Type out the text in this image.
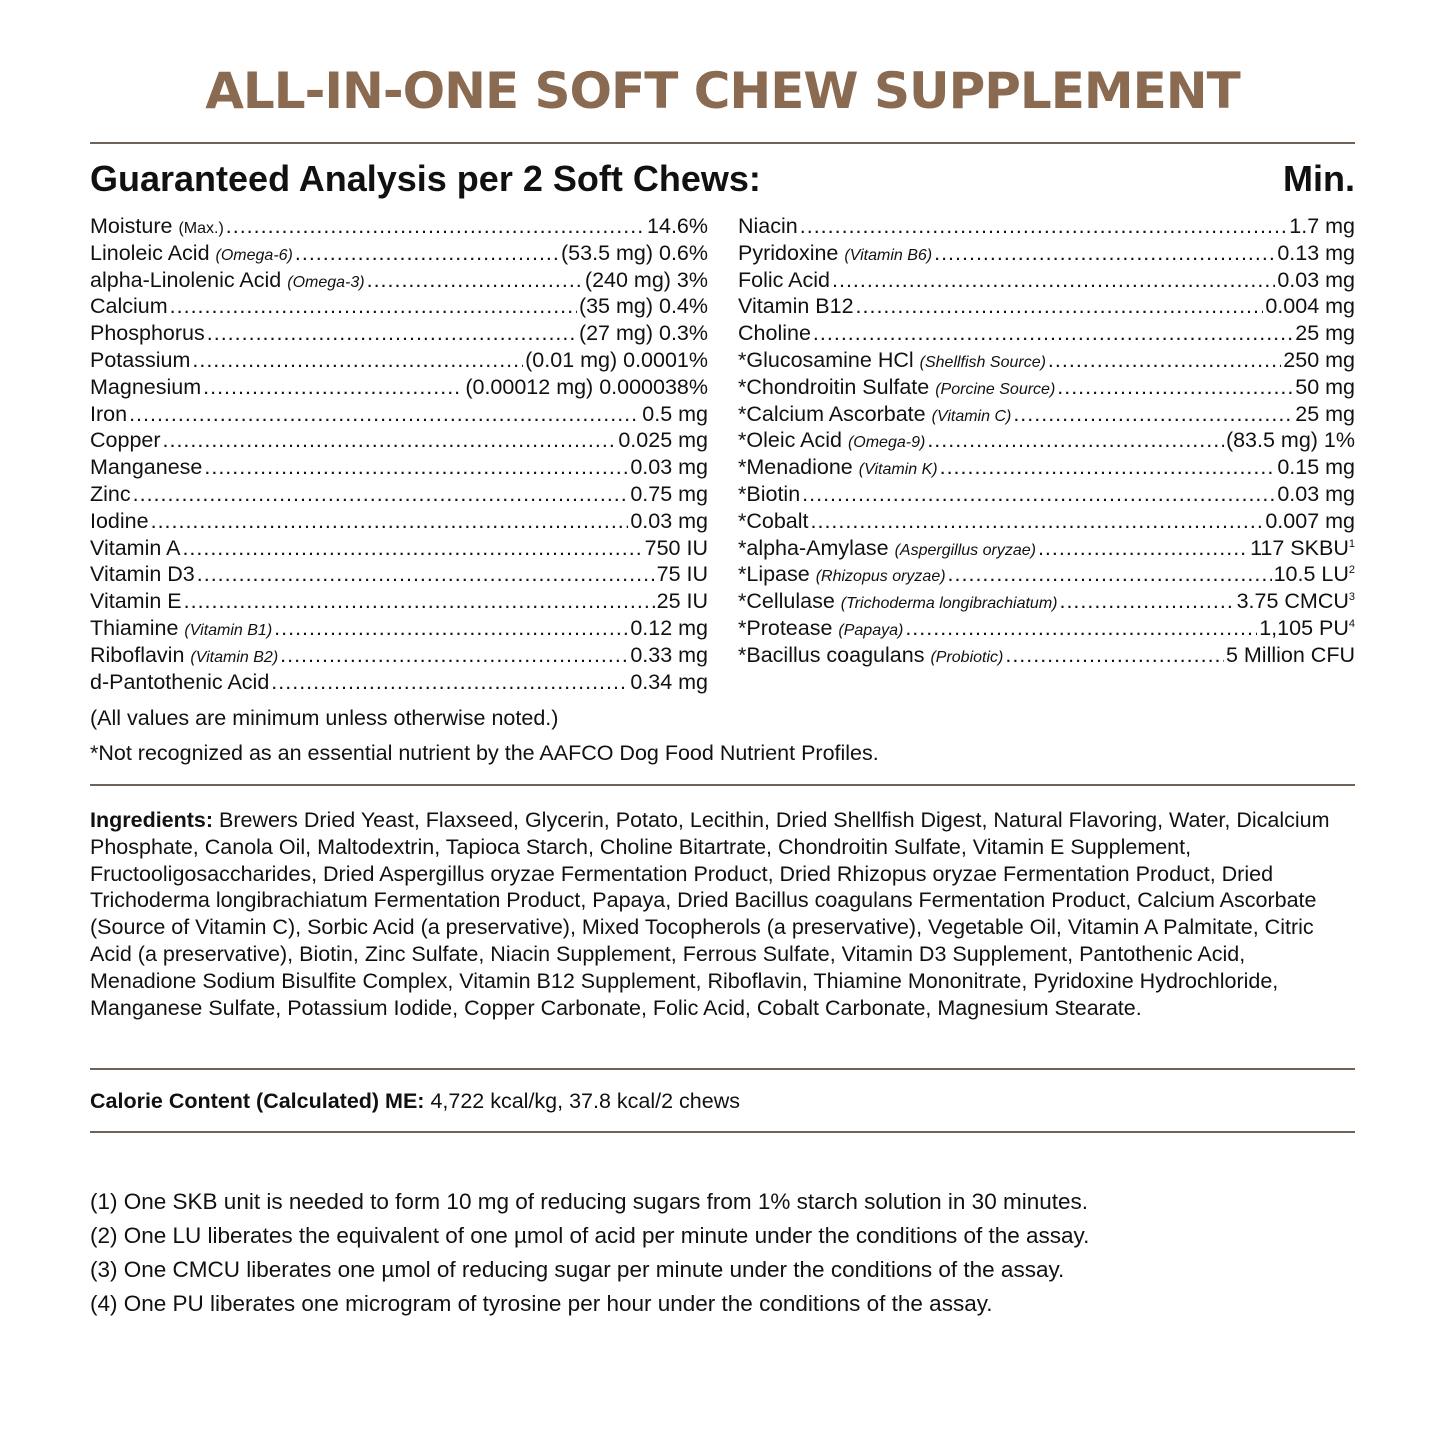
ALL-IN-ONE SOFT CHEW SUPPLEMENT
Guaranteed Analysis per 2 Soft Chews:	Min.
Moisture (Max.) .....	14.6%
Linoleic Acid (Omega-6) .....	(53.5 mg) 0.6%
alpha-Linolenic Acid (Omega-3) .....	(240 mg) 3%
Calcium .....	(35 mg) 0.4%
Phosphorus .....	(27 mg) 0.3%
Potassium .....	(0.01 mg) 0.0001%
Magnesium .....	(0.00012 mg) 0.000038%
Iron .....	0.5 mg
Copper .....	0.025 mg
Manganese .....	0.03 mg
Zinc .....	0.75 mg
Iodine .....	0.03 mg
Vitamin A .....	750 IU
Vitamin D3 .....	75 IU
Vitamin E .....	25 IU
Thiamine (Vitamin B1) .....	0.12 mg
Riboflavin (Vitamin B2) .....	0.33 mg
d-Pantothenic Acid .....	0.34 mg
Niacin .....	1.7 mg
Pyridoxine (Vitamin B6) .....	0.13 mg
Folic Acid .....	0.03 mg
Vitamin B12 .....	0.004 mg
Choline .....	25 mg
*Glucosamine HCl (Shellfish Source) .....	250 mg
*Chondroitin Sulfate (Porcine Source) .....	50 mg
*Calcium Ascorbate (Vitamin C) .....	25 mg
*Oleic Acid (Omega-9) .....	(83.5 mg) 1%
*Menadione (Vitamin K) .....	0.15 mg
*Biotin .....	0.03 mg
*Cobalt .....	0.007 mg
*alpha-Amylase (Aspergillus oryzae) .....	117 SKBU$^1$
*Lipase (Rhizopus oryzae) .....	10.5 $LU^2$
*Cellulase (Trichoderma longibrachiatum) .....	3.75 CMCU$^3$
*Protease (Papaya) .....	1,105 $PU^4$
*Bacillus coagulans (Probiotic) .....	5 Million CFU
(All values are minimum unless otherwise noted.)
*Not recognized as an essential nutrient by the AAFCO Dog Food Nutrient Profiles.
Ingredients: Brewers Dried Yeast, Flaxseed, Glycerin, Potato, Lecithin, Dried Shellfish Digest, Natural Flavoring, Water, Dicalcium Phosphate, Canola Oil, Maltodextrin, Tapioca Starch, Choline Bitartrate, Chondroitin Sulfate, Vitamin E Supplement, Fructooligosaccharides, Dried Aspergillus oryzae Fermentation Product, Dried Rhizopus oryzae Fermentation Product, Dried Trichoderma longibrachiatum Fermentation Product, Papaya, Dried Bacillus coagulans Fermentation Product, Calcium Ascorbate (Source of Vitamin C), Sorbic Acid (a preservative), Mixed Tocopherols (a preservative), Vegetable Oil, Vitamin A Palmitate, Citric Acid (a preservative), Biotin, Zinc Sulfate, Niacin Supplement, Ferrous Sulfate, Vitamin D3 Supplement, Pantothenic Acid, Menadione Sodium Bisulfite Complex, Vitamin B12 Supplement, Riboflavin, Thiamine Mononitrate, Pyridoxine Hydrochloride, Manganese Sulfate, Potassium Iodide, Copper Carbonate, Folic Acid, Cobalt Carbonate, Magnesium Stearate.
Calorie Content (Calculated) ME: 4,722 kcal/kg, 37.8 kcal/2 chews
(1) One SKB unit is needed to form 10 mg of reducing sugars from 1% starch solution in 30 minutes.
(2) One LU liberates the equivalent of one µmol of acid per minute under the conditions of the assay.
(3) One CMCU liberates one µmol of reducing sugar per minute under the conditions of the assay.
(4) One PU liberates one microgram of tyrosine per hour under the conditions of the assay.
